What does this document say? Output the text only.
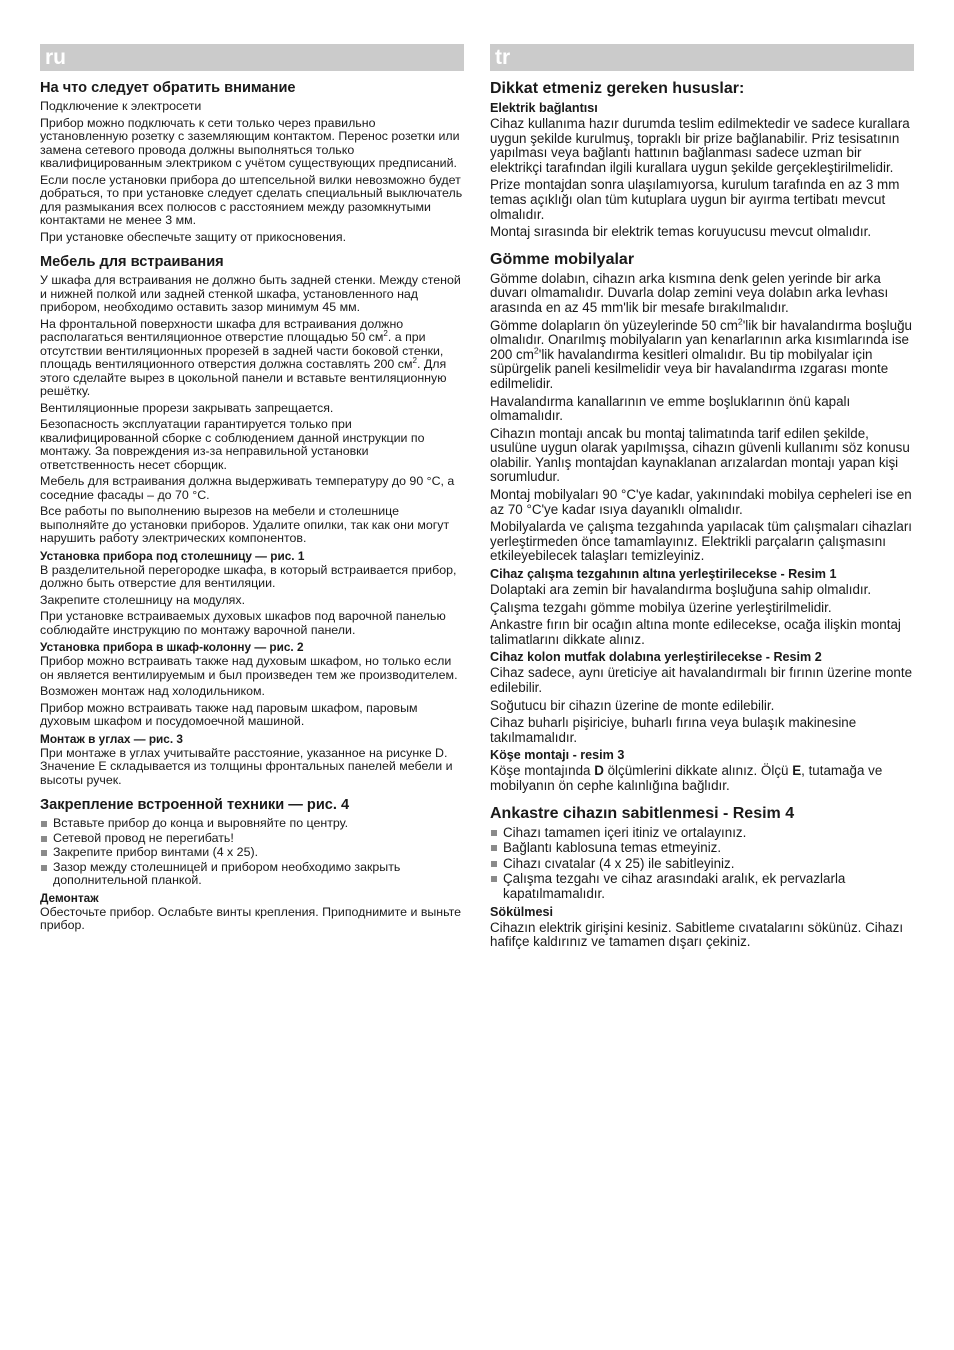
ru
На что следует обратить внимание

Подключение к электросети

Прибор можно подключать к сети только через правильно установленную розетку с заземляющим контактом. Перенос розетки или замена сетевого провода должны выполняться только квалифицированным электриком с учётом существующих предписаний.

Если после установки прибора до штепсельной вилки невозможно будет добраться, то при установке следует сделать специальный выключатель для размыкания всех полюсов с расстоянием между разомкнутыми контактами не менее 3 мм.

При установке обеспечьте защиту от прикосновения.

Мебель для встраивания

У шкафа для встраивания не должно быть задней стенки. Между стеной и нижней полкой или задней стенкой шкафа, установленного над прибором, необходимо оставить зазор минимум 45 мм.

На фронтальной поверхности шкафа для встраивания должно располагаться вентиляционное отверстие площадью 50 $см^2$. а при отсутствии вентиляционных прорезей в задней части боковой стенки, площадь вентиляционного отверстия должна составлять 200 $см^2$. Для этого сделайте вырез в цокольной панели и вставьте вентиляционную решётку.

Вентиляционные прорези закрывать запрещается.

Безопасность эксплуатации гарантируется только при квалифицированной сборке с соблюдением данной инструкции по монтажу. За повреждения из-за неправильной установки ответственность несет сборщик.

Мебель для встраивания должна выдерживать температуру до 90 °C, а соседние фасады – до 70 °C.

Все работы по выполнению вырезов на мебели и столешнице выполняйте до установки приборов. Удалите опилки, так как они могут нарушить работу электрических компонентов.

Установка прибора под столешницу — рис. 1

В разделительной перегородке шкафа, в который встраивается прибор, должно быть отверстие для вентиляции.

Закрепите столешницу на модулях.

При установке встраиваемых духовых шкафов под варочной панелью соблюдайте инструкцию по монтажу варочной панели.

Установка прибора в шкаф-колонну — рис. 2

Прибор можно встраивать также над духовым шкафом, но только если он является вентилируемым и был произведен тем же производителем.

Возможен монтаж над холодильником.

Прибор можно встраивать также над паровым шкафом, паровым духовым шкафом и посудомоечной машиной.

Монтаж в углах — рис. 3

При монтаже в углах учитывайте расстояние, указанное на рисунке D. Значение E складывается из толщины фронтальных панелей мебели и высоты ручек.

Закрепление встроенной техники — рис. 4
Вставьте прибор до конца и выровняйте по центру.
Сетевой провод не перегибать!
Закрепите прибор винтами (4 x 25).
Зазор между столешницей и прибором необходимо закрыть дополнительной планкой.
Демонтаж

Обесточьте прибор. Ослабьте винты крепления. Приподнимите и выньте прибор.

tr
Dikkat etmeniz gereken hususlar:
Elektrik bağlantısı

Cihaz kullanıma hazır durumda teslim edilmektedir ve sadece kurallara uygun şekilde kurulmuş, topraklı bir prize bağlanabilir. Priz tesisatının yapılması veya bağlantı hattının bağlanması sadece uzman bir elektrikçi tarafından ilgili kurallara uygun şekilde gerçekleştirilmelidir.

Prize montajdan sonra ulaşılamıyorsa, kurulum tarafında en az 3 mm temas açıklığı olan tüm kutuplara uygun bir ayırma tertibatı mevcut olmalıdır.

Montaj sırasında bir elektrik temas koruyucusu mevcut olmalıdır.

Gömme mobilyalar

Gömme dolabın, cihazın arka kısmına denk gelen yerinde bir arka duvarı olmamalıdır. Duvarla dolap zemini veya dolabın arka levhası arasında en az 45 mm'lik bir mesafe bırakılmalıdır.

Gömme dolapların ön yüzeylerinde 50 $cm^2'lik$ bir havalandırma boşluğu olmalıdır. Onarılmış mobilyaların yan kenarlarının arka kısımlarında ise 200 $cm^2'lik$ havalandırma kesitleri olmalıdır. Bu tip mobilyalar için süpürgelik paneli kesilmelidir veya bir havalandırma ızgarası monte edilmelidir.

Havalandırma kanallarının ve emme boşluklarının önü kapalı olmamalıdır.

Cihazın montajı ancak bu montaj talimatında tarif edilen şekilde, usulüne uygun olarak yapılmışsa, cihazın güvenli kullanımı söz konusu olabilir. Yanlış montajdan kaynaklanan arızalardan montajı yapan kişi sorumludur.

Montaj mobilyaları 90 °C'ye kadar, yakınındaki mobilya cepheleri ise en az 70 °C'ye kadar ısıya dayanıklı olmalıdır.

Mobilyalarda ve çalışma tezgahında yapılacak tüm çalışmaları cihazları yerleştirmeden önce tamamlayınız. Elektrikli parçaların çalışmasını etkileyebilecek talaşları temizleyiniz.

Cihaz çalışma tezgahının altına yerleştirilecekse - Resim 1

Dolaptaki ara zemin bir havalandırma boşluğuna sahip olmalıdır.

Çalışma tezgahı gömme mobilya üzerine yerleştirilmelidir.

Ankastre fırın bir ocağın altına monte edilecekse, ocağa ilişkin montaj talimatlarını dikkate alınız.

Cihaz kolon mutfak dolabına yerleştirilecekse - Resim 2

Cihaz sadece, aynı üreticiye ait havalandırmalı bir fırının üzerine monte edilebilir.

Soğutucu bir cihazın üzerine de monte edilebilir.

Cihaz buharlı pişiriciye, buharlı fırına veya bulaşık makinesine takılmamalıdır.

Köşe montajı - resim 3

Köşe montajında D ölçümlerini dikkate alınız. Ölçü E, tutamağa ve mobilyanın ön cephe kalınlığına bağlıdır.

Ankastre cihazın sabitlenmesi - Resim 4
Cihazı tamamen içeri itiniz ve ortalayınız.
Bağlantı kablosuna temas etmeyiniz.
Cihazı cıvatalar (4 x 25) ile sabitleyiniz.
Çalışma tezgahı ve cihaz arasındaki aralık, ek pervazlarla kapatılmamalıdır.
Sökülmesi

Cihazın elektrik girişini kesiniz. Sabitleme cıvatalarını sökünüz. Cihazı hafifçe kaldırınız ve tamamen dışarı çekiniz.
